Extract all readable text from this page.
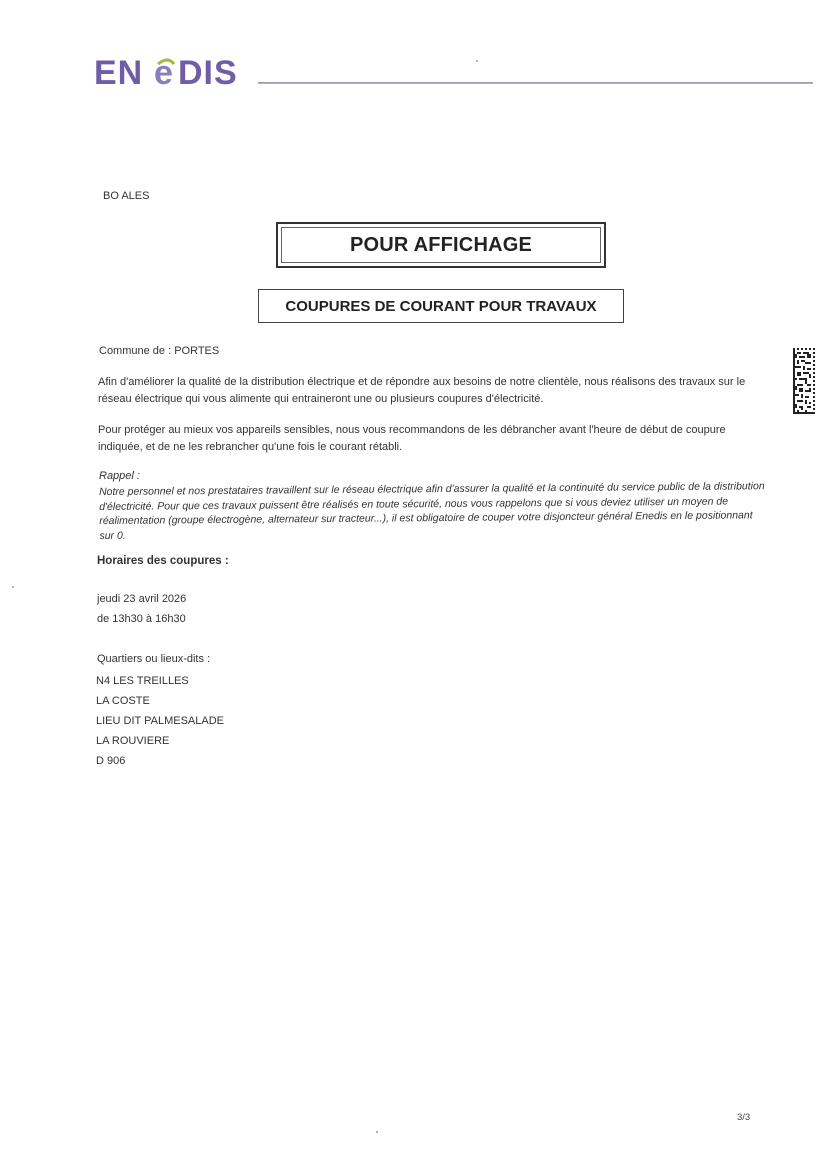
EN e DIS
BO ALES
POUR AFFICHAGE
COUPURES DE COURANT POUR TRAVAUX
Commune de : PORTES
Afin d'améliorer la qualité de la distribution électrique et de répondre aux besoins de notre clientèle, nous réalisons des travaux sur le réseau électrique qui vous alimente qui entraineront une ou plusieurs coupures d'électricité.
Pour protéger au mieux vos appareils sensibles, nous vous recommandons de les débrancher avant l'heure de début de coupure indiquée, et de ne les rebrancher qu'une fois le courant rétabli.
Rappel :
Notre personnel et nos prestataires travaillent sur le réseau électrique afin d'assurer la qualité et la continuité du service public de la distribution d'électricité. Pour que ces travaux puissent être réalisés en toute sécurité, nous vous rappelons que si vous deviez utiliser un moyen de réalimentation (groupe électrogène, alternateur sur tracteur...), il est obligatoire de couper votre disjoncteur général Enedis en le positionnant sur 0.
Horaires des coupures :
jeudi 23 avril 2026
de 13h30 à 16h30
Quartiers ou lieux-dits :
N4 LES TREILLES
LA COSTE
LIEU DIT PALMESALADE
LA ROUVIERE
D 906
3/3
